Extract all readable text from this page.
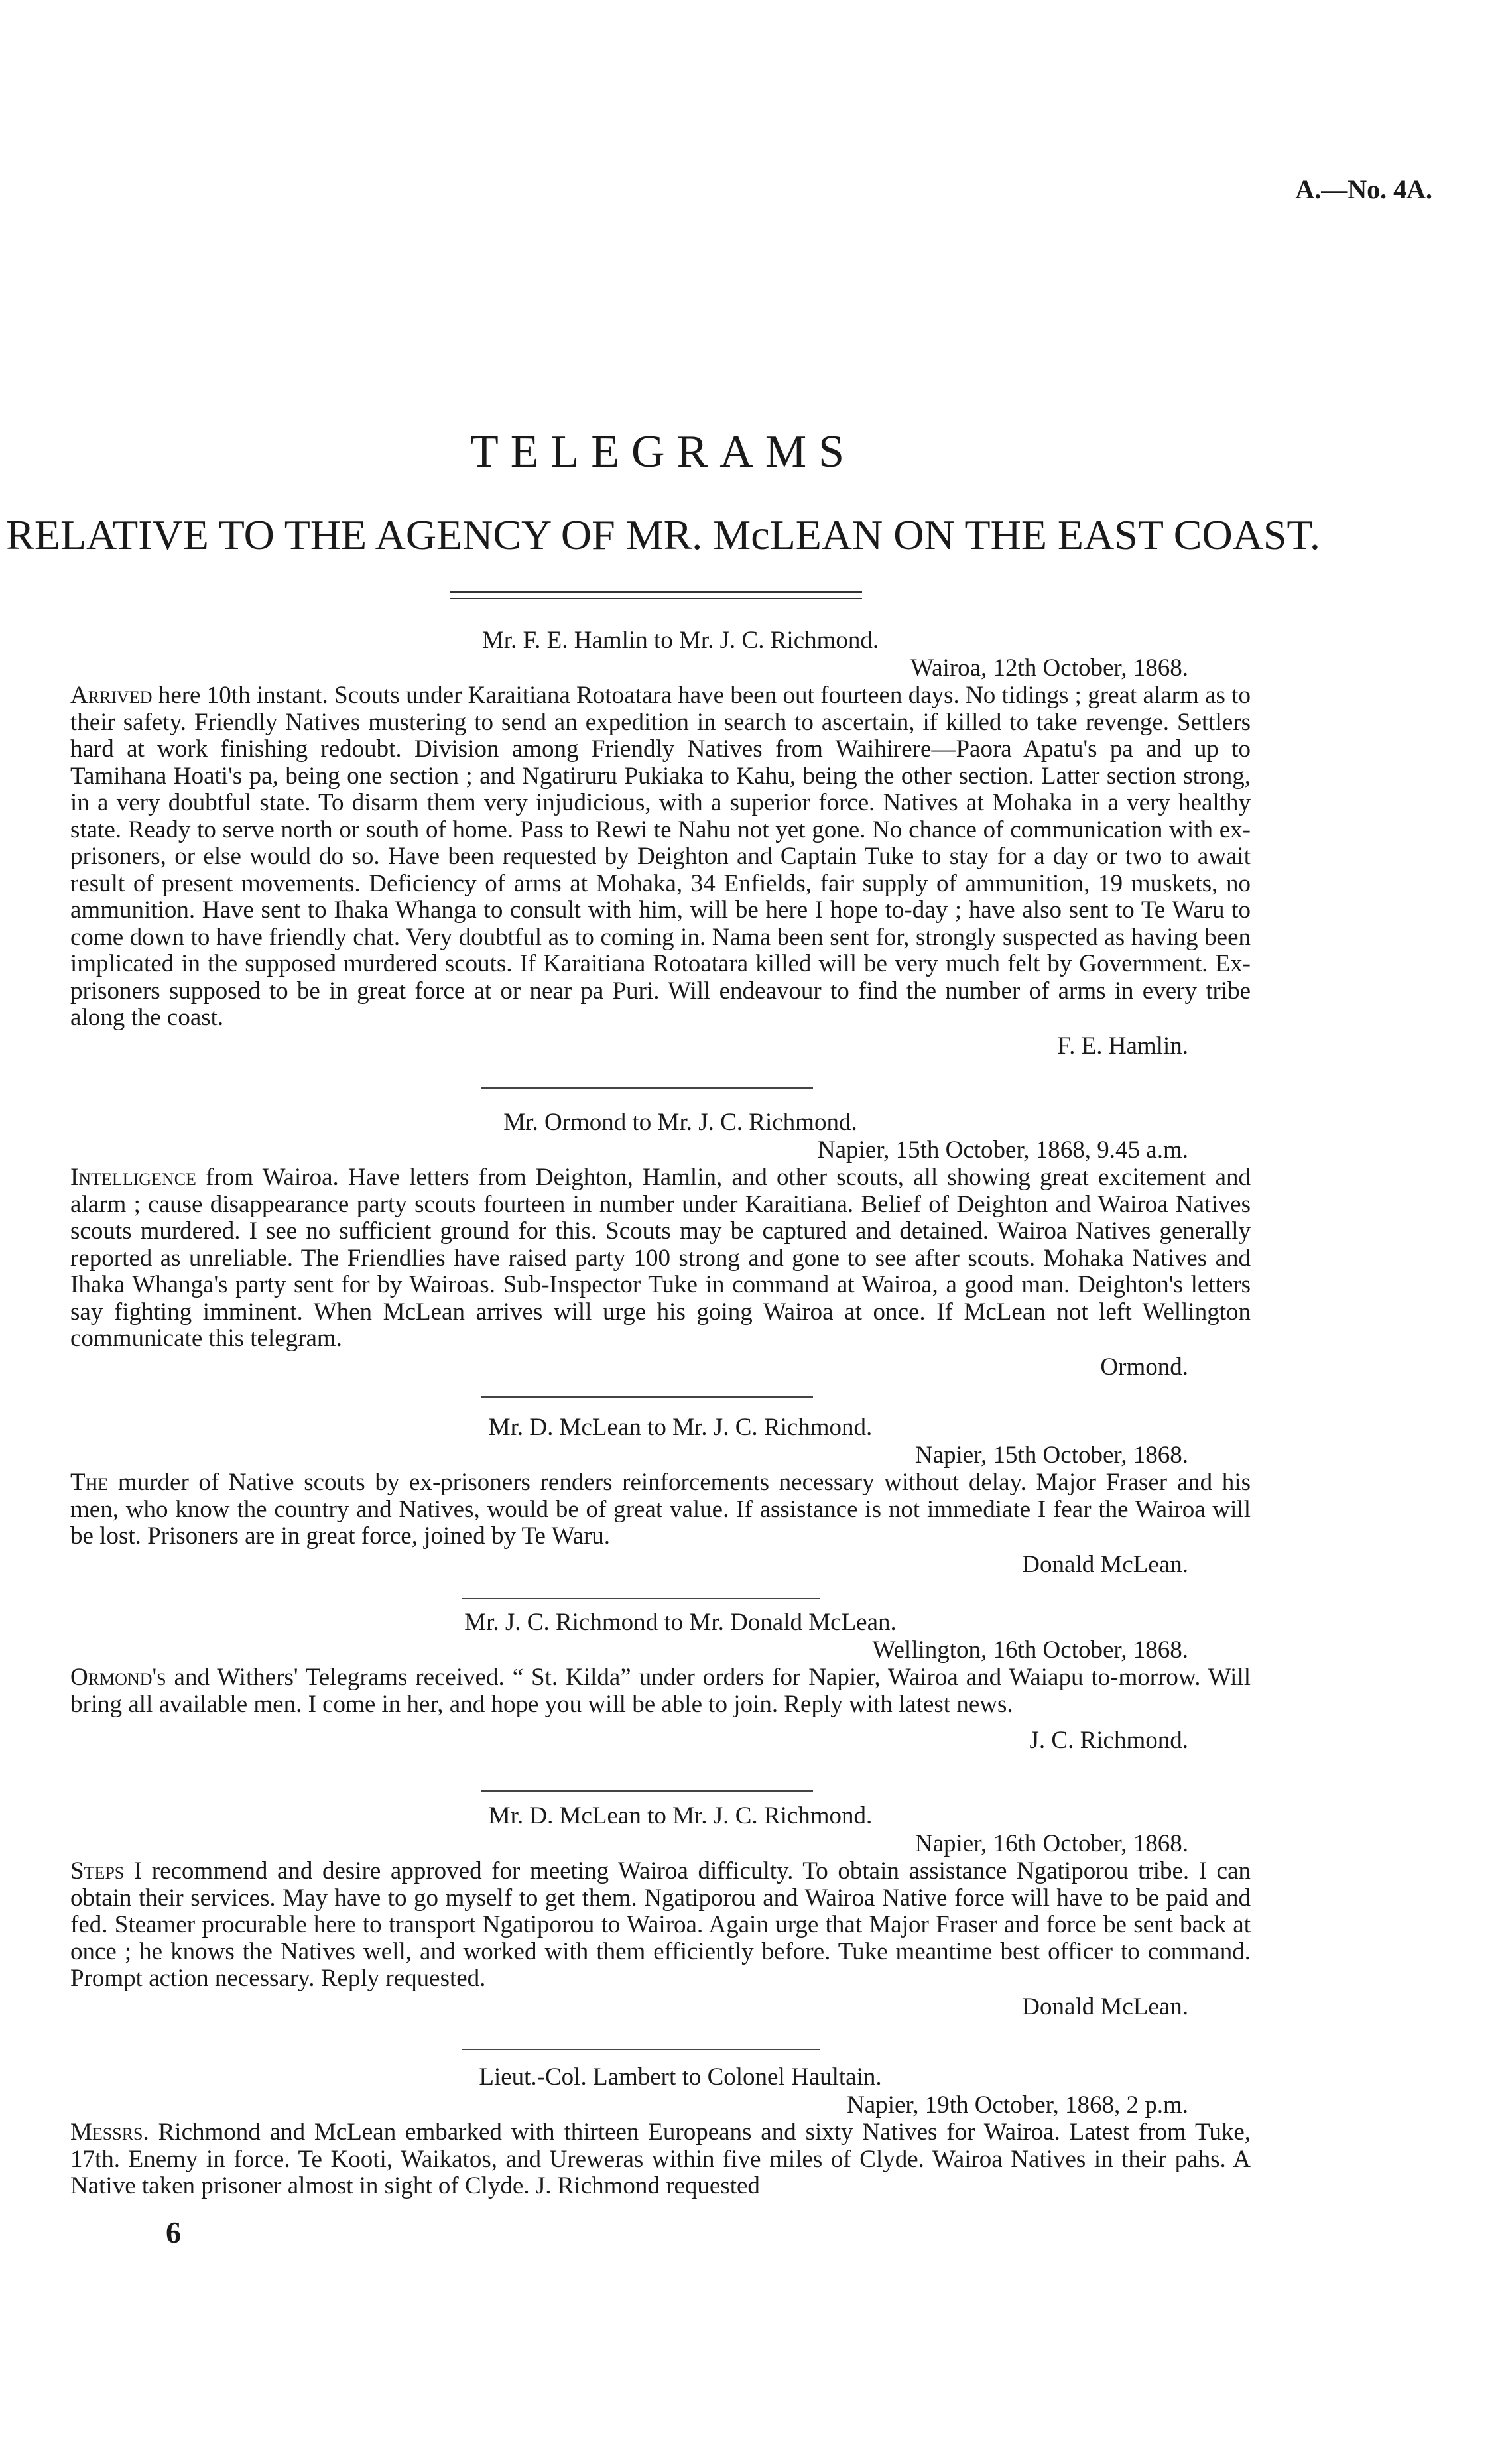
A.—No. 4A.
TELEGRAMS
RELATIVE TO THE AGENCY OF MR. McLEAN ON THE EAST COAST.
Mr. F. E. Hamlin to Mr. J. C. Richmond.
Wairoa, 12th October, 1868.
Arrived here 10th instant. Scouts under Karaitiana Rotoatara have been out fourteen days. No tidings ; great alarm as to their safety. Friendly Natives mustering to send an expedition in search to ascertain, if killed to take revenge. Settlers hard at work finishing redoubt. Division among Friendly Natives from Waihirere—Paora Apatu's pa and up to Tamihana Hoati's pa, being one section ; and Ngatiruru Pukiaka to Kahu, being the other section. Latter section strong, in a very doubtful state. To disarm them very injudicious, with a superior force. Natives at Mohaka in a very healthy state. Ready to serve north or south of home. Pass to Rewi te Nahu not yet gone. No chance of communication with ex-prisoners, or else would do so. Have been requested by Deighton and Captain Tuke to stay for a day or two to await result of present movements. Deficiency of arms at Mohaka, 34 Enfields, fair supply of ammunition, 19 muskets, no ammunition. Have sent to Ihaka Whanga to consult with him, will be here I hope to-day ; have also sent to Te Waru to come down to have friendly chat. Very doubtful as to coming in. Nama been sent for, strongly suspected as having been implicated in the supposed murdered scouts. If Karaitiana Rotoatara killed will be very much felt by Government. Ex-prisoners supposed to be in great force at or near pa Puri. Will endeavour to find the number of arms in every tribe along the coast.
F. E. Hamlin.
Mr. Ormond to Mr. J. C. Richmond.
Napier, 15th October, 1868, 9.45 a.m.
Intelligence from Wairoa. Have letters from Deighton, Hamlin, and other scouts, all showing great excitement and alarm ; cause disappearance party scouts fourteen in number under Karaitiana. Belief of Deighton and Wairoa Natives scouts murdered. I see no sufficient ground for this. Scouts may be captured and detained. Wairoa Natives generally reported as unreliable. The Friendlies have raised party 100 strong and gone to see after scouts. Mohaka Natives and Ihaka Whanga's party sent for by Wairoas. Sub-Inspector Tuke in command at Wairoa, a good man. Deighton's letters say fighting imminent. When McLean arrives will urge his going Wairoa at once. If McLean not left Wellington communicate this telegram.
Ormond.
Mr. D. McLean to Mr. J. C. Richmond.
Napier, 15th October, 1868.
The murder of Native scouts by ex-prisoners renders reinforcements necessary without delay. Major Fraser and his men, who know the country and Natives, would be of great value. If assistance is not immediate I fear the Wairoa will be lost. Prisoners are in great force, joined by Te Waru.
Donald McLean.
Mr. J. C. Richmond to Mr. Donald McLean.
Wellington, 16th October, 1868.
Ormond's and Withers' Telegrams received. “ St. Kilda” under orders for Napier, Wairoa and Waiapu to-morrow. Will bring all available men. I come in her, and hope you will be able to join. Reply with latest news.
J. C. Richmond.
Mr. D. McLean to Mr. J. C. Richmond.
Napier, 16th October, 1868.
Steps I recommend and desire approved for meeting Wairoa difficulty. To obtain assistance Ngatiporou tribe. I can obtain their services. May have to go myself to get them. Ngatiporou and Wairoa Native force will have to be paid and fed. Steamer procurable here to transport Ngatiporou to Wairoa. Again urge that Major Fraser and force be sent back at once ; he knows the Natives well, and worked with them efficiently before. Tuke meantime best officer to command. Prompt action necessary. Reply requested.
Donald McLean.
Lieut.-Col. Lambert to Colonel Haultain.
Napier, 19th October, 1868, 2 p.m.
Messrs. Richmond and McLean embarked with thirteen Europeans and sixty Natives for Wairoa. Latest from Tuke, 17th. Enemy in force. Te Kooti, Waikatos, and Ureweras within five miles of Clyde. Wairoa Natives in their pahs. A Native taken prisoner almost in sight of Clyde. J. Richmond requested
6
